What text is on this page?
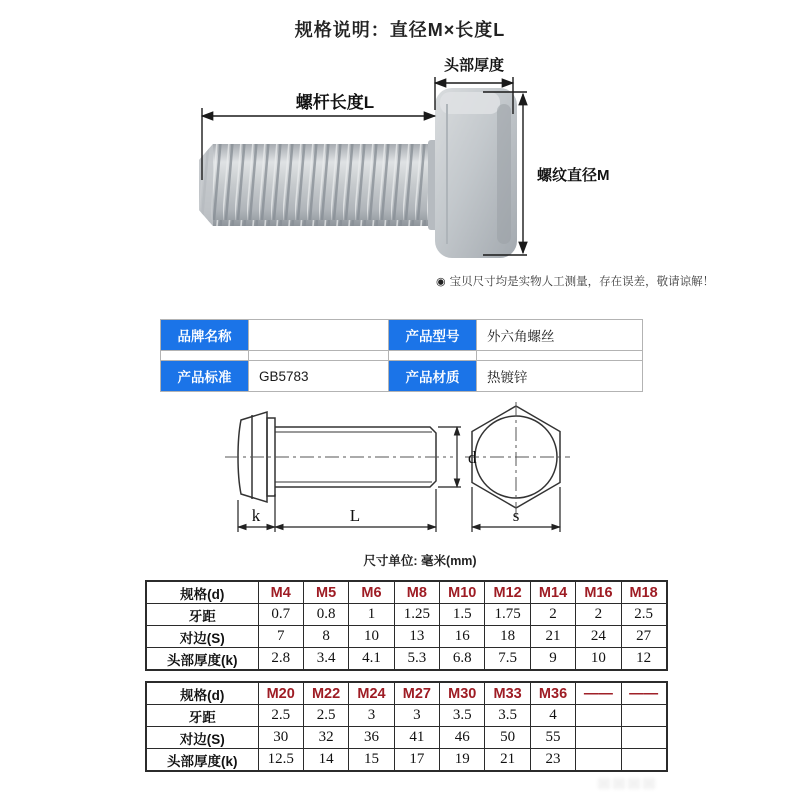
规格说明：直径M×长度L
螺杆长度L
头部厚度
螺纹直径M
◉ 宝贝尺寸均是实物人工测量，存在误差，敬请谅解！
品牌名称		产品型号	外六角螺丝

产品标准	GB5783	产品材质	热镀锌
k	L
d
s
尺寸单位: 毫米(mm)
规格(d)	M4	M5	M6	M8	M10	M12	M14	M16	M18
牙距	0.7	0.8	1	1.25	1.5	1.75	2	2	2.5
对边(S)	7	8	10	13	16	18	21	24	27
头部厚度(k)	2.8	3.4	4.1	5.3	6.8	7.5	9	10	12
规格(d)	M20	M22	M24	M27	M30	M33	M36	——	——
牙距	2.5	2.5	3	3	3.5	3.5	4		
对边(S)	30	32	36	41	46	50	55		
头部厚度(k)	12.5	14	15	17	19	21	23		
